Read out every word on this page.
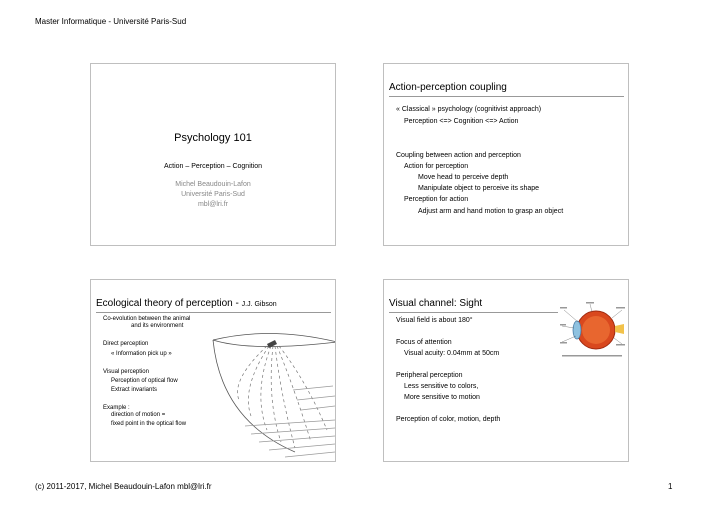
Master Informatique - Université Paris-Sud
Psychology 101
Action – Perception – Cognition
Michel Beaudouin-Lafon
Université Paris-Sud
mbl@lri.fr
Action-perception coupling
« Classical » psychology (cognitivist approach)
Perception <=> Cognition <=> Action
Coupling between action and perception
Action for perception
Move head to perceive depth
Manipulate object to perceive its shape
Perception for action
Adjust arm and hand motion to grasp an object
Ecological theory of perception - J.J. Gibson
Co-evolution between the animal
and its environment
Direct perception
« Information pick up »
Visual perception
Perception of optical flow
Extract invariants
Example :
direction of motion =
fixed point in the optical flow
Visual channel: Sight
Visual field is about 180°
Focus of attention
Visual acuity: 0.04mm at 50cm
Peripheral perception
Less sensitive to colors,
More sensitive to motion
Perception of color, motion, depth
(c) 2011-2017, Michel Beaudouin-Lafon mbl@lri.fr	1
